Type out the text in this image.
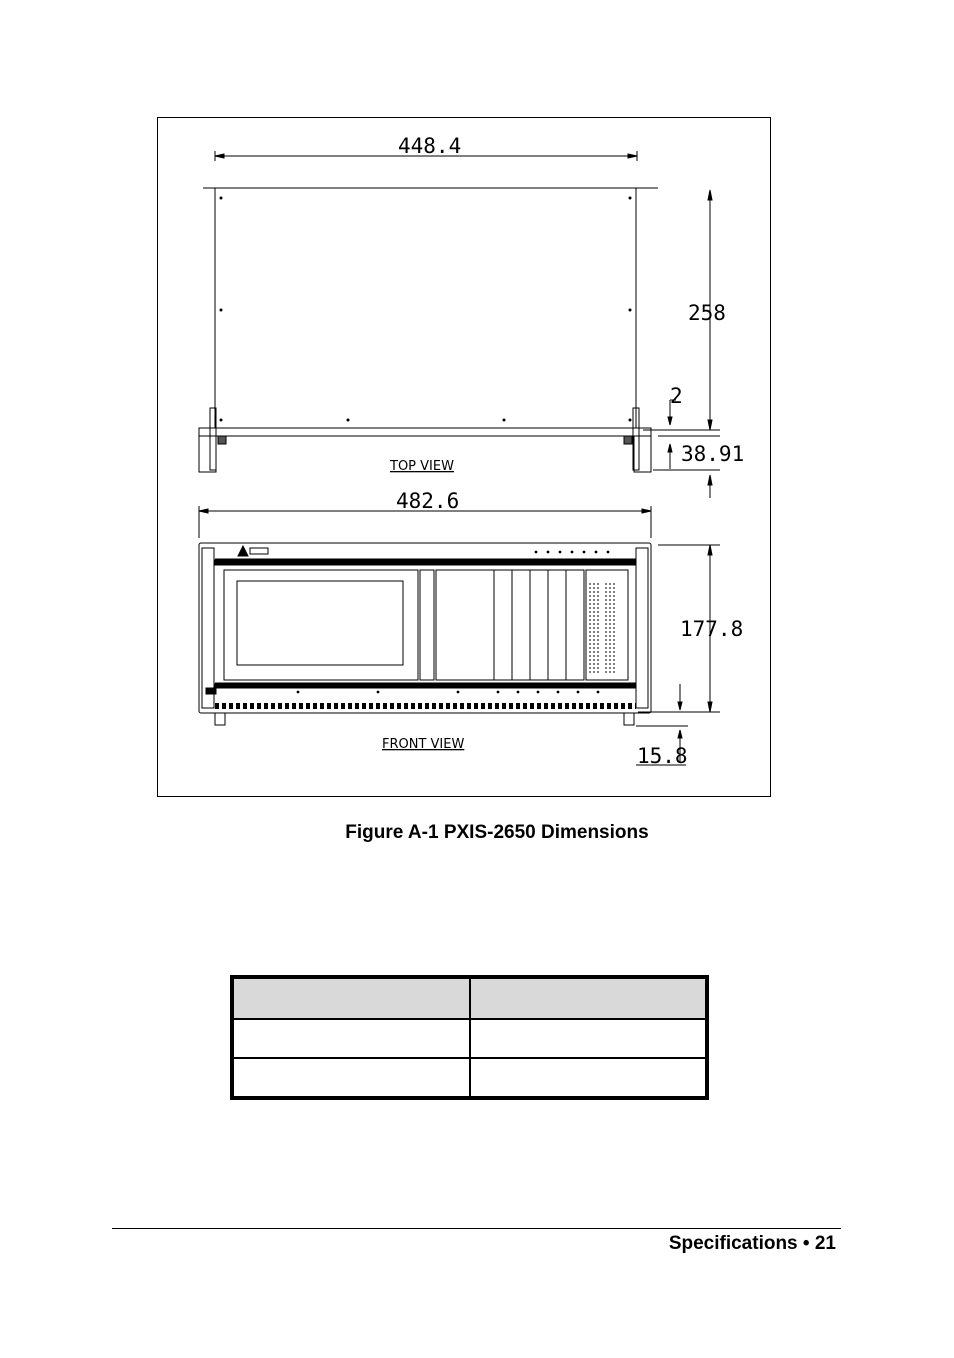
448.4
258
2
38.91
TOP VIEW
482.6
177.8
15.8
FRONT VIEW
Figure A-1 PXIS-2650 Dimensions

Specifications • 21
